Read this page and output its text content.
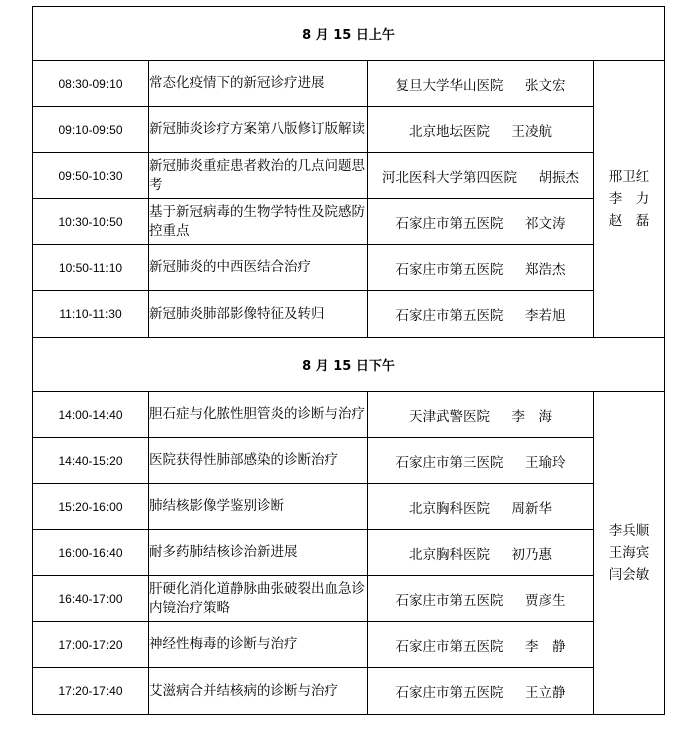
8 月 15 日上午			
08:30-09:10	常态化疫情下的新冠诊疗进展	复旦大学华山医院 张文宏	邢卫红
李　力
赵　磊

09:10-09:50	新冠肺炎诊疗方案第八版修订版解读	北京地坛医院 王凌航	
09:50-10:30	新冠肺炎重症患者救治的几点问题思考	河北医科大学第四医院 胡振杰	
10:30-10:50	基于新冠病毒的生物学特性及院感防控重点	石家庄市第五医院 祁文涛	
10:50-11:10	新冠肺炎的中西医结合治疗	石家庄市第五医院 郑浩杰	
11:10-11:30	新冠肺炎肺部影像特征及转归	石家庄市第五医院 李若旭	
8 月 15 日下午			
14:00-14:40	胆石症与化脓性胆管炎的诊断与治疗	天津武警医院 李　海	李兵顺
王海宾
闫会敏

14:40-15:20	医院获得性肺部感染的诊断治疗	石家庄市第三医院 王瑜玲	
15:20-16:00	肺结核影像学鉴别诊断	北京胸科医院 周新华	
16:00-16:40	耐多药肺结核诊治新进展	北京胸科医院 初乃惠	
16:40-17:00	肝硬化消化道静脉曲张破裂出血急诊内镜治疗策略	石家庄市第五医院 贾彦生	
17:00-17:20	神经性梅毒的诊断与治疗	石家庄市第五医院 李　静	
17:20-17:40	艾滋病合并结核病的诊断与治疗	石家庄市第五医院 王立静	
